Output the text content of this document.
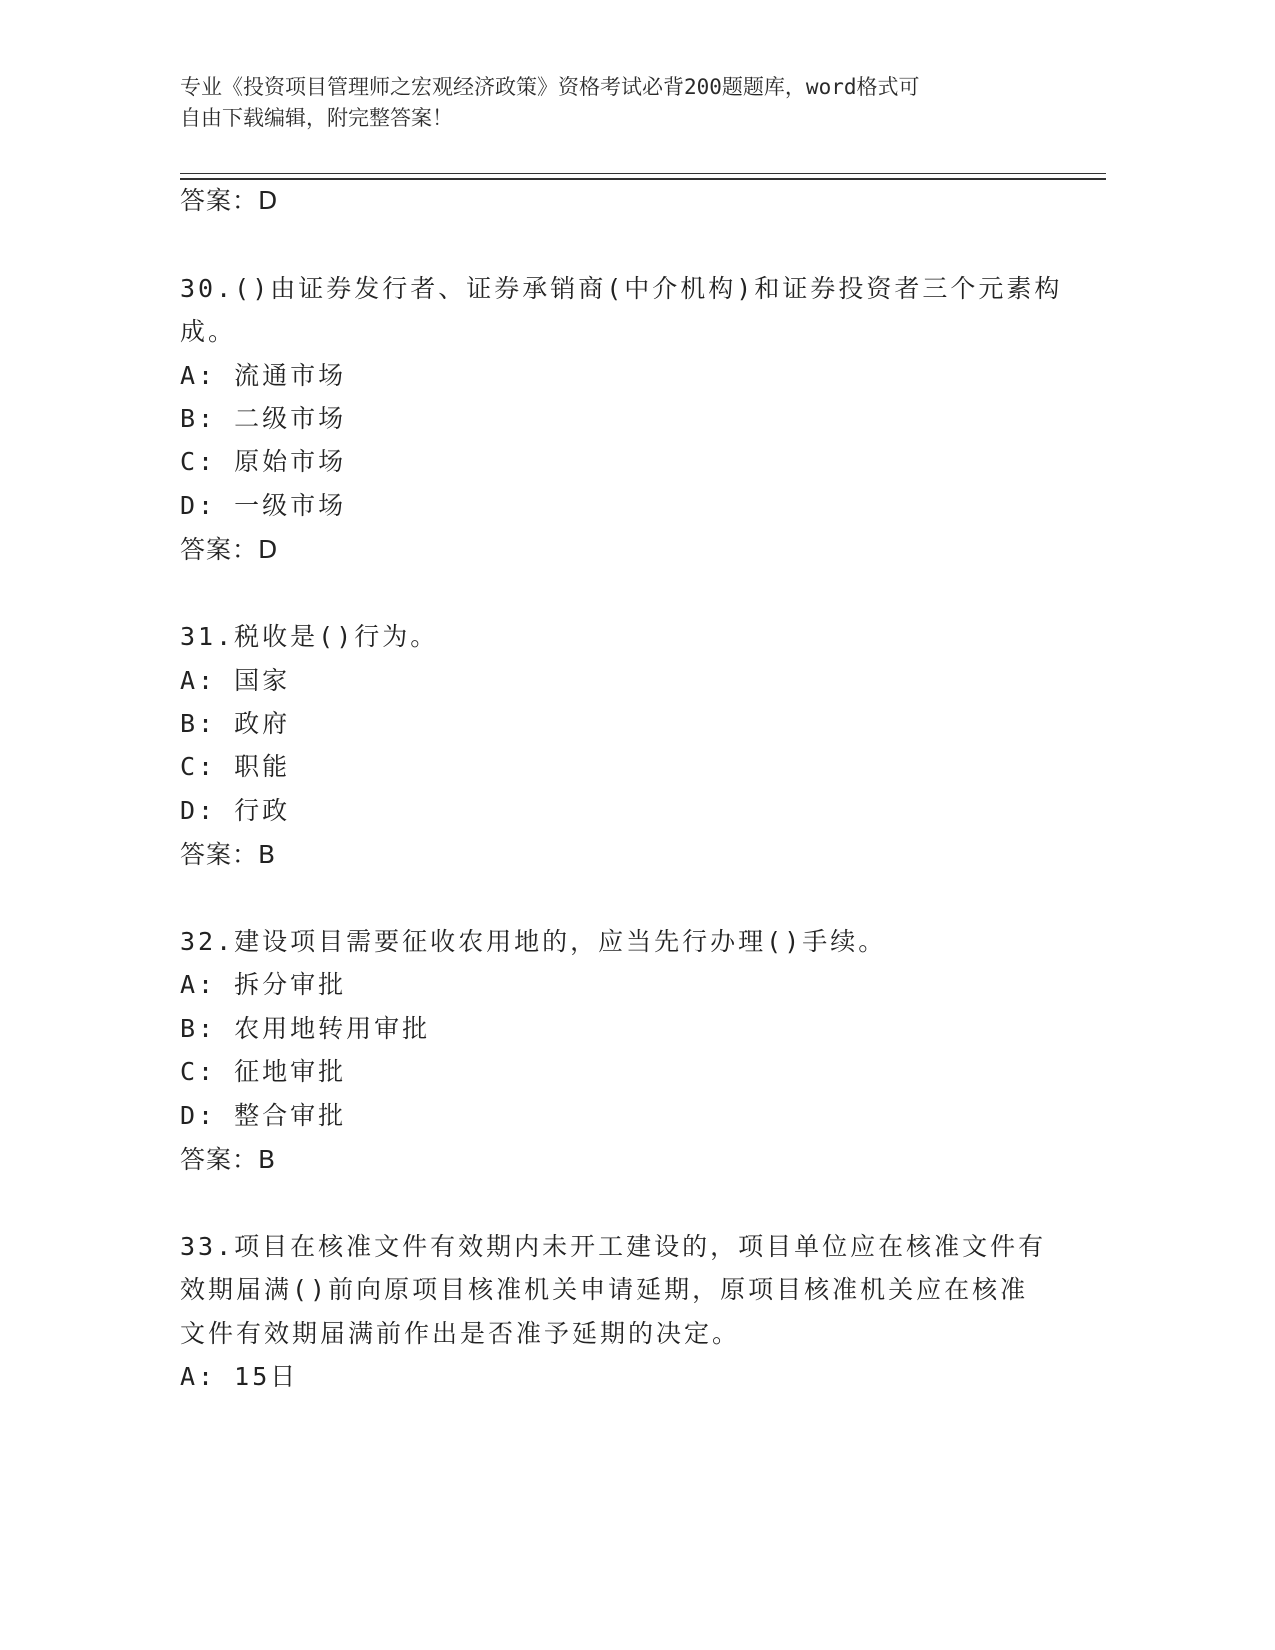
专业《投资项目管理师之宏观经济政策》资格考试必背200题题库，word格式可
自由下载编辑，附完整答案！
答案：D
30.()由证券发行者、证券承销商(中介机构)和证券投资者三个元素构
成。
A: 流通市场
B: 二级市场
C: 原始市场
D: 一级市场
答案：D
31.税收是()行为。
A: 国家
B: 政府
C: 职能
D: 行政
答案：B
32.建设项目需要征收农用地的，应当先行办理()手续。
A: 拆分审批
B: 农用地转用审批
C: 征地审批
D: 整合审批
答案：B
33.项目在核准文件有效期内未开工建设的，项目单位应在核准文件有
效期届满()前向原项目核准机关申请延期，原项目核准机关应在核准
文件有效期届满前作出是否准予延期的决定。
A: 15日
